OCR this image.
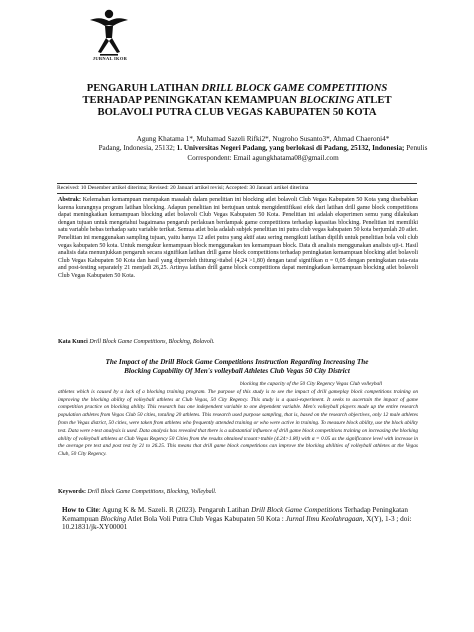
JURNAL IKOR
PENGARUH LATIHAN DRILL BLOCK GAME COMPETITIONS
TERHADAP PENINGKATAN KEMAMPUAN BLOCKING ATLET
BOLAVOLI PUTRA CLUB VEGAS KABUPATEN 50 KOTA
Agung Khatama 1*, Muhamad Sazeli Rifki2*, Nugroho Susanto3*, Ahmad Chaeroni4*
Padang, Indonesia, 25132; 1. Universitas Negeri Padang, yang berlokasi di Padang, 25132, Indonesia; Penulis
Correspondent: Email agungkhatama08@gmail.com
Received: 10 Desember artikel diterima; Revised: 20 Januari artikel revisi; Accepted: 30 Januari artikel diterima
Abstrak: Kelemahan kemampuan merupakan masalah dalam penelitian ini blocking atlet bolavoli Club Vegas Kabupaten 50 Kota yang disebabkan karena kurangnya program latihan blocking. Adapun penelitian ini bertujuan untuk mengidentifikasi efek dari latihan drill game block competitions dapat meningkatkan kemampuan blocking atlet bolavoli Club Vegas Kabupaten 50 Kota. Penelitian ini adalah eksperimen semu yang dilakukan dengan tujuan untuk mengetahui bagaimana pengaruh perlakuan berdampak game competitions terhadap kapasitas blocking. Penelitian ini memiliki satu variable bebas terhadap satu variable terikat. Semua atlet bola adalah subjek penelitian ini putra club vegas kabupaten 50 kota berjumlah 20 atlet. Penelitian ini menggunakan sampling tujuan, yaitu hanya 12 atlet putra yang aktif atau sering mengikuti latihan dipilih untuk penelitian bola voli club vegas kabupaten 50 kota. Untuk mengukur kemampuan block menggunakan tes kemampuan block. Data di analisis menggunakan analisis uji-t. Hasil analisis data menunjukkan pengaruh secara signifikan latihan drill game block competitions terhadap peningkatan kemampuan blocking atlet bolavoli Club Vegas Kabupaten 50 Kota dan hasil yang diperoleh thitung>ttabel (4,24 >1,80) dengan taraf signifikan α = 0,05 dengan peningkatan rata-rata and post-testing separately 21 menjadi 26,25. Artinya latihan drill game block competitions dapat meningkatkan kemampuan blocking atlet bolavoli Club Vegas Kabupaten 50 Kota.
Kata Kunci Drill Block Game Competitions, Blocking, Bolavoli.
The Impact of the Drill Block Game Competitions Instruction Regarding Increasing The
Blocking Capability Of Men's volleyball Athletes Club Vegas 50 City District
blocking the capacity of the 50 City Regency Vegas Club volleyball
athletes which is caused by a lack of a blocking training program. The purpose of this study is to see the impact of drill gameplay block competitions training on improving the blocking ability of volleyball athletes at Club Vegas, 50 City Regency. This study is a quasi-experiment. It seeks to ascertain the impact of game competition practice on blocking ability. This research has one independent variable to one dependent variable. Men's volleyball players made up the entire research population athletes from Vegas Club 50 cities, totaling 20 athletes. This research used purpose sampling, that is, based on the research objectives, only 12 male athletes from the Vegas district, 50 cities, were taken from athletes who frequently attended training or who were active in training. To measure block ability, use the block ability test. Data were t-test analysis is used. Data analysis has revealed that there is a substantial influence of drill game block competitions training on increasing the blocking ability of volleyball athletes at Club Vegas Regency 50 Cities from the results obtained tcount>ttable (4.24>1.80) with α = 0.05 as the significance level with increase in the average pre test and post test by 21 to 26.25. This means that drill game block competitions can improve the blocking abilities of volleyball athletes at the Vegas Club, 50 City Regency.
Keywords: Drill Block Game Competitions, Blocking, Volleyball.
How to Cite: Agung K & M. Sazeli. R (2023). Pengaruh Latihan Drill Block Game Competitions Terhadap Peningkatan Kemampuan Blocking Atlet Bola Voli Putra Club Vegas Kabupaten 50 Kota : Jurnal Ilmu Keolahragaan, X(Y), 1-3 ; doi: 10.21831/jk-XY00001
